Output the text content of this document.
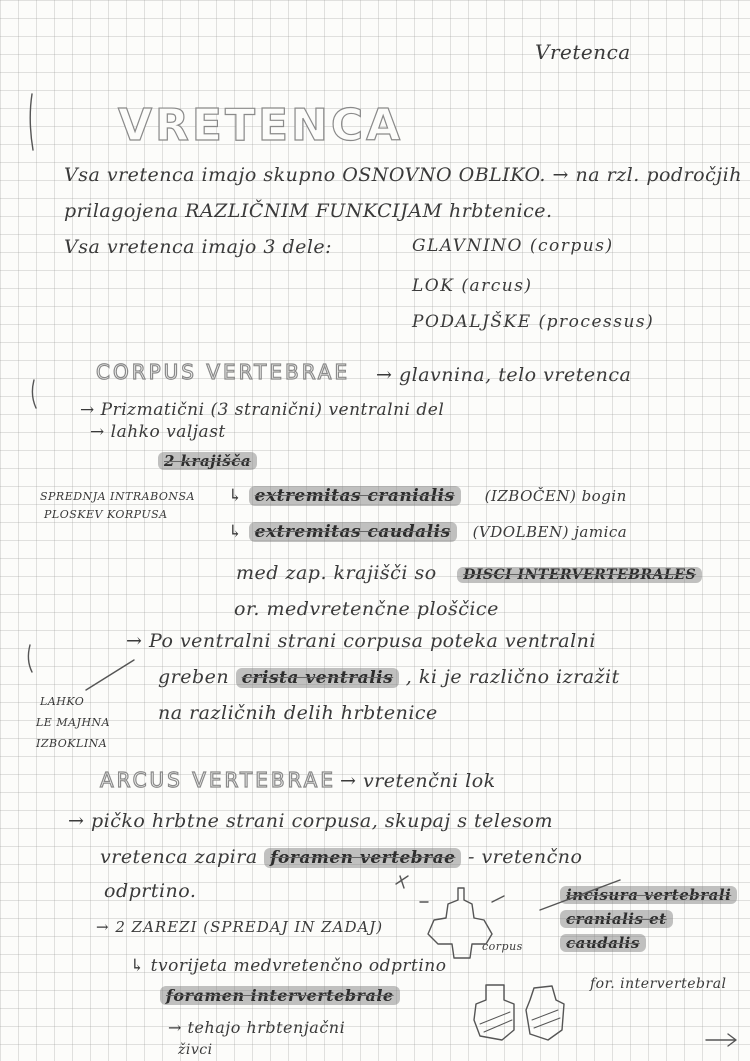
Vretenca
VRETENCA
Vsa vretenca imajo skupno OSNOVNO OBLIKO. → na rzl. področjih
prilagojena RAZLIČNIM FUNKCIJAM hrbtenice.
Vsa vretenca imajo 3 dele:	GLAVNINO (corpus)
LOK (arcus)
PODALJŠKE (processus)
CORPUS VERTEBRAE → glavnina, telo vretenca
→ Prizmatični (3 stranični) ventralni del
→ lahko valjast
2 krajišča
SPREDNJA INTRABONSA
PLOSKEV KORPUSA
↳ extremitas cranialis (IZBOČEN) bogin
↳ extremitas caudalis (VDOLBEN) jamica
med zap. krajišči so DISCI INTERVERTEBRALES
or. medvretenčne ploščice
→ Po ventralni strani corpusa poteka ventralni
greben crista ventralis , ki je različno izražit
na različnih delih hrbtenice
LAHKO
LE MAJHNA
IZBOKLINA
ARCUS VERTEBRAE → vretenčni lok
→ pičko hrbtne strani corpusa, skupaj s telesom
vretenca zapira foramen vertebrae - vretenčno
odprtino.
→ 2 ZAREZI (SPREDAJ IN ZADAJ)
incisura vertebrali
cranialis et
caudalis
corpus
↳ tvorijeta medvretenčno odprtino
foramen intervertebrale
for. intervertebral
→ tehajo hrbtenjačni
živci
